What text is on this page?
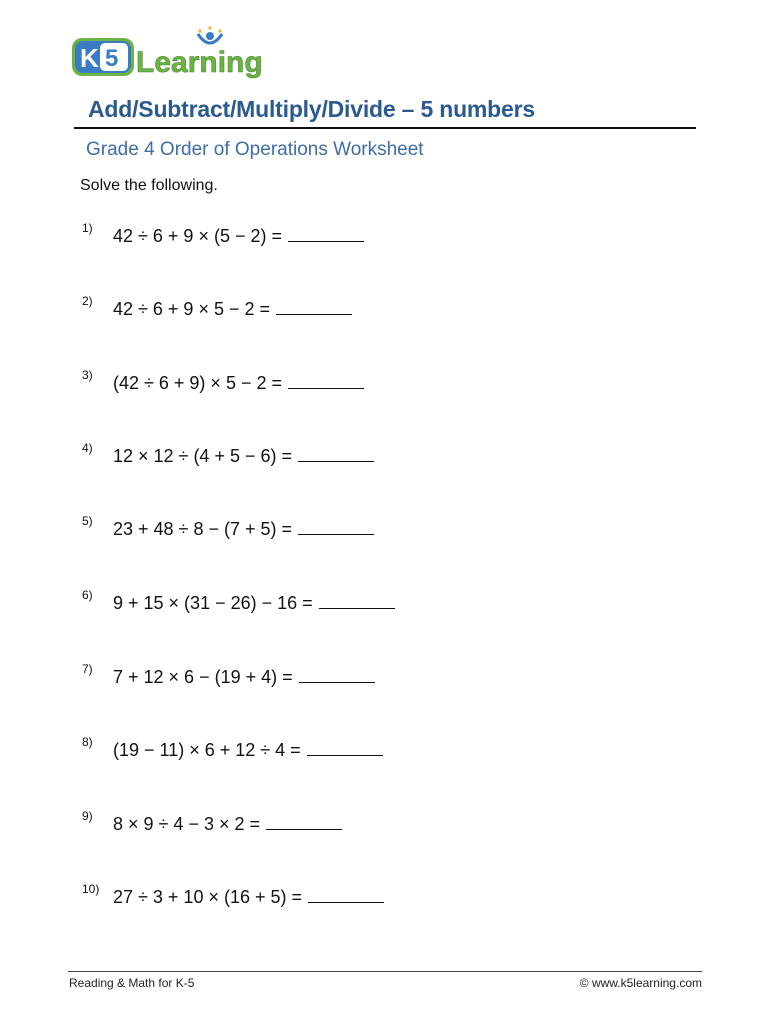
K 5 Learning
Add/Subtract/Multiply/Divide – 5 numbers
Grade 4 Order of Operations Worksheet
Solve the following.
1) 42 ÷ 6 + 9 × (5 − 2) =
2) 42 ÷ 6 + 9 × 5 − 2 =
3) (42 ÷ 6 + 9) × 5 − 2 =
4) 12 × 12 ÷ (4 + 5 − 6) =
5) 23 + 48 ÷ 8 − (7 + 5) =
6) 9 + 15 × (31 − 26) − 16 =
7) 7 + 12 × 6 − (19 + 4) =
8) (19 − 11) × 6 + 12 ÷ 4 =
9) 8 × 9 ÷ 4 − 3 × 2 =
10) 27 ÷ 3 + 10 × (16 + 5) =
Reading & Math for K-5	© www.k5learning.com
